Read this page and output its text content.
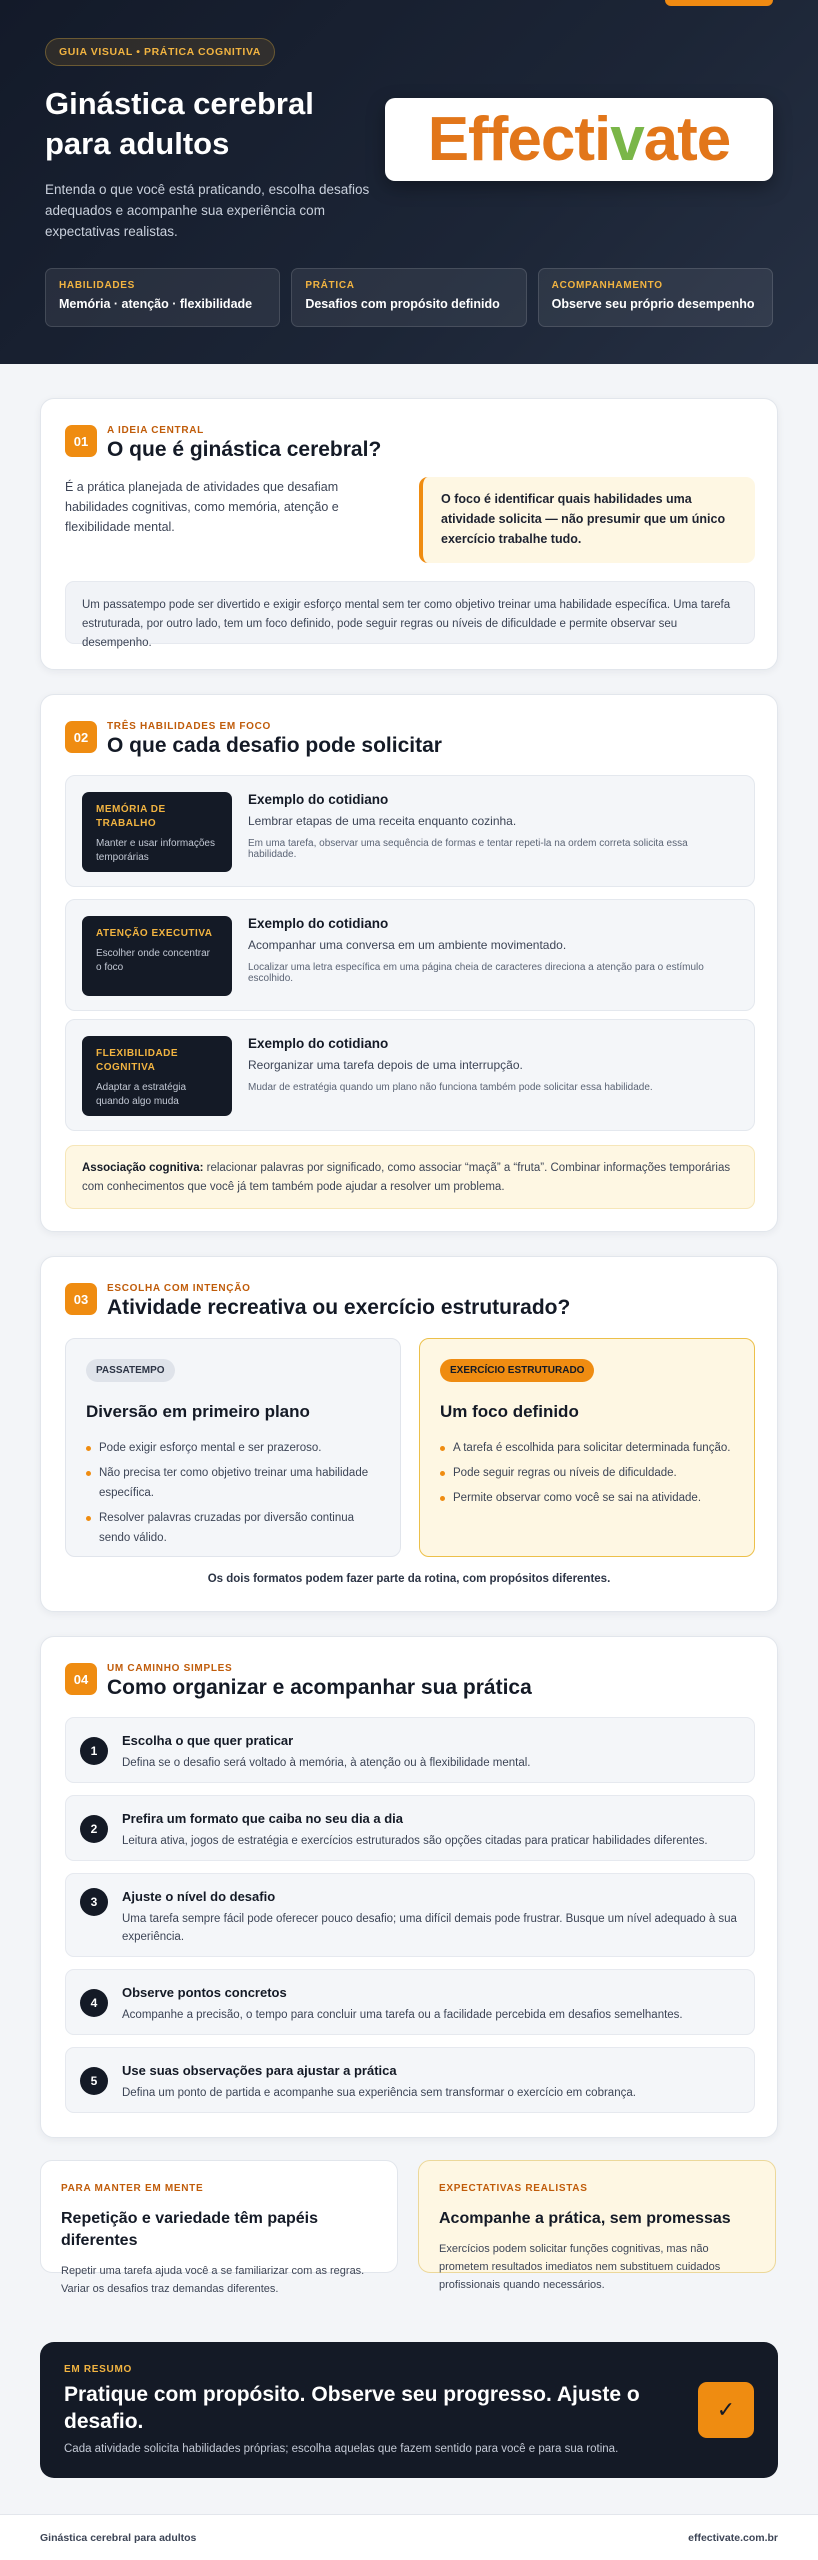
GUIA VISUAL • PRÁTICA COGNITIVA
Ginástica cerebral para adultos

Entenda o que você está praticando, escolha desafios adequados e acompanhe sua experiência com expectativas realistas.

Effectivate
HABILIDADES
Memória · atenção · flexibilidade
PRÁTICA
Desafios com propósito definido
ACOMPANHAMENTO
Observe seu próprio desempenho
01
A IDEIA CENTRAL
O que é ginástica cerebral?

É a prática planejada de atividades que desafiam habilidades cognitivas, como memória, atenção e flexibilidade mental.

O foco é identificar quais habilidades uma atividade solicita — não presumir que um único exercício trabalhe tudo.
Um passatempo pode ser divertido e exigir esforço mental sem ter como objetivo treinar uma habilidade específica. Uma tarefa estruturada, por outro lado, tem um foco definido, pode seguir regras ou níveis de dificuldade e permite observar seu desempenho.
02
TRÊS HABILIDADES EM FOCO
O que cada desafio pode solicitar
MEMÓRIA DE TRABALHO
Manter e usar informações temporárias
Exemplo do cotidiano
Lembrar etapas de uma receita enquanto cozinha.
Em uma tarefa, observar uma sequência de formas e tentar repeti-la na ordem correta solicita essa habilidade.
ATENÇÃO EXECUTIVA
Escolher onde concentrar o foco
Exemplo do cotidiano
Acompanhar uma conversa em um ambiente movimentado.
Localizar uma letra específica em uma página cheia de caracteres direciona a atenção para o estímulo escolhido.
FLEXIBILIDADE COGNITIVA
Adaptar a estratégia quando algo muda
Exemplo do cotidiano
Reorganizar uma tarefa depois de uma interrupção.
Mudar de estratégia quando um plano não funciona também pode solicitar essa habilidade.
Associação cognitiva: relacionar palavras por significado, como associar “maçã” a “fruta”. Combinar informações temporárias com conhecimentos que você já tem também pode ajudar a resolver um problema.
03
ESCOLHA COM INTENÇÃO
Atividade recreativa ou exercício estruturado?
PASSATEMPO
Diversão em primeiro plano
Pode exigir esforço mental e ser prazeroso.
Não precisa ter como objetivo treinar uma habilidade específica.
Resolver palavras cruzadas por diversão continua sendo válido.
EXERCÍCIO ESTRUTURADO
Um foco definido
A tarefa é escolhida para solicitar determinada função.
Pode seguir regras ou níveis de dificuldade.
Permite observar como você se sai na atividade.
Os dois formatos podem fazer parte da rotina, com propósitos diferentes.
04
UM CAMINHO SIMPLES
Como organizar e acompanhar sua prática
1
Escolha o que quer praticar
Defina se o desafio será voltado à memória, à atenção ou à flexibilidade mental.
2
Prefira um formato que caiba no seu dia a dia
Leitura ativa, jogos de estratégia e exercícios estruturados são opções citadas para praticar habilidades diferentes.
3	Ajuste o nível do desafio
Uma tarefa sempre fácil pode oferecer pouco desafio; uma difícil demais pode frustrar. Busque um nível adequado à sua experiência.
4
Observe pontos concretos
Acompanhe a precisão, o tempo para concluir uma tarefa ou a facilidade percebida em desafios semelhantes.
5
Use suas observações para ajustar a prática
Defina um ponto de partida e acompanhe sua experiência sem transformar o exercício em cobrança.
PARA MANTER EM MENTE
Repetição e variedade têm papéis diferentes
Repetir uma tarefa ajuda você a se familiarizar com as regras. Variar os desafios traz demandas diferentes.
EXPECTATIVAS REALISTAS
Acompanhe a prática, sem promessas
Exercícios podem solicitar funções cognitivas, mas não prometem resultados imediatos nem substituem cuidados profissionais quando necessários.
EM RESUMO
Pratique com propósito. Observe seu progresso. Ajuste o desafio.
Cada atividade solicita habilidades próprias; escolha aquelas que fazem sentido para você e para sua rotina.
✓
Ginástica cerebral para adultos	effectivate.com.br
